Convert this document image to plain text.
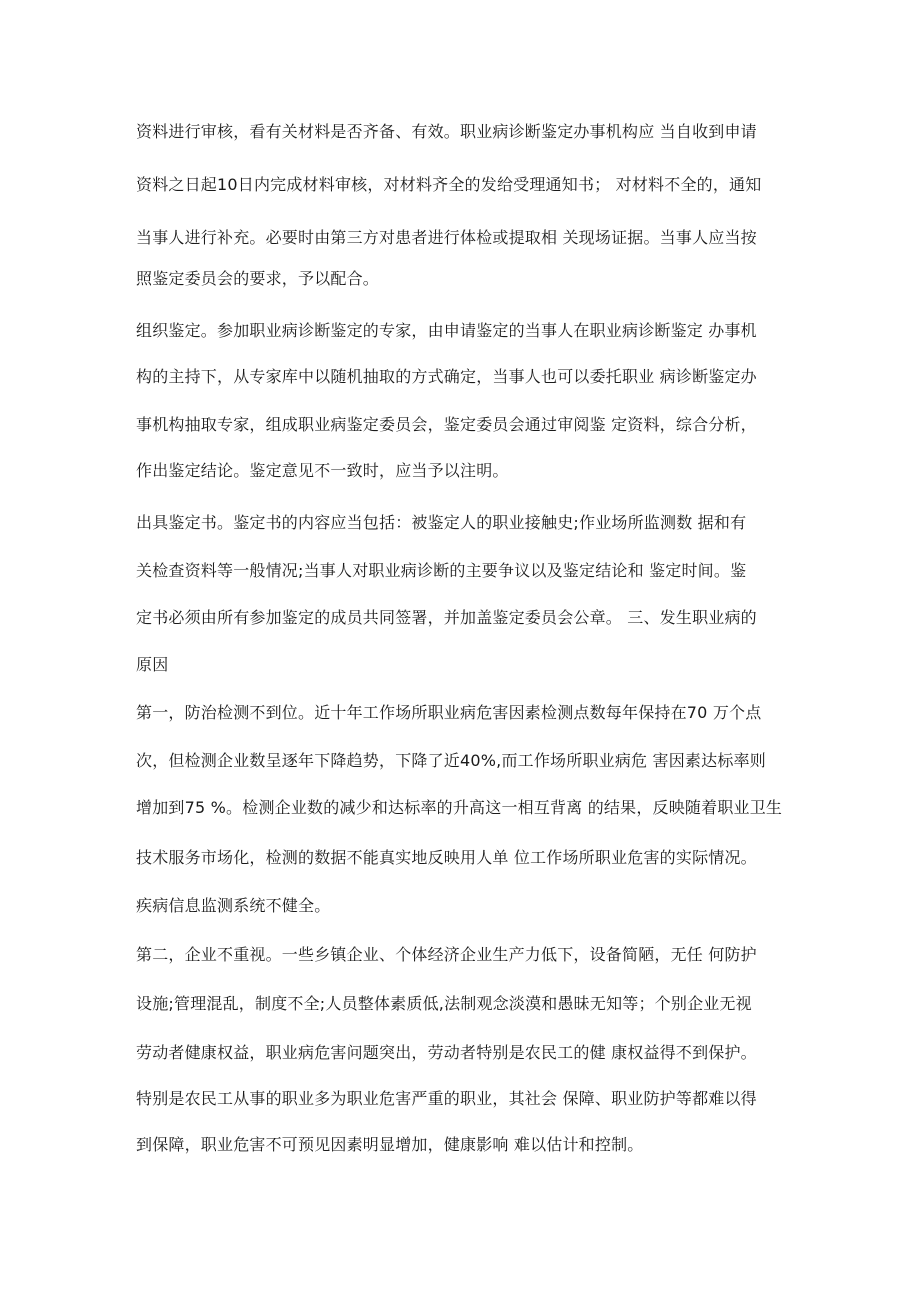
资料进行审核，看有关材料是否齐备、有效。职业病诊断鉴定办事机构应 当自收到申请
资料之日起10日内完成材料审核，对材料齐全的发给受理通知书； 对材料不全的，通知
当事人进行补充。必要时由第三方对患者进行体检或提取相 关现场证据。当事人应当按
照鉴定委员会的要求，予以配合。
组织鉴定。参加职业病诊断鉴定的专家，由申请鉴定的当事人在职业病诊断鉴定 办事机
构的主持下，从专家库中以随机抽取的方式确定，当事人也可以委托职业 病诊断鉴定办
事机构抽取专家，组成职业病鉴定委员会，鉴定委员会通过审阅鉴 定资料，综合分析，
作出鉴定结论。鉴定意见不一致时，应当予以注明。
出具鉴定书。鉴定书的内容应当包括：被鉴定人的职业接触史;作业场所监测数 据和有
关检查资料等一般情况;当事人对职业病诊断的主要争议以及鉴定结论和 鉴定时间。鉴
定书必须由所有参加鉴定的成员共同签署，并加盖鉴定委员会公章。 三、发生职业病的
原因
第一，防治检测不到位。近十年工作场所职业病危害因素检测点数每年保持在70 万个点
次，但检测企业数呈逐年下降趋势，下降了近40%,而工作场所职业病危 害因素达标率则
增加到75 %。检测企业数的减少和达标率的升高这一相互背离 的结果，反映随着职业卫生
技术服务市场化，检测的数据不能真实地反映用人单 位工作场所职业危害的实际情况。
疾病信息监测系统不健全。
第二，企业不重视。一些乡镇企业、个体经济企业生产力低下，设备简陋，无任 何防护
设施;管理混乱，制度不全;人员整体素质低,法制观念淡漠和愚昧无知等；个别企业无视
劳动者健康权益，职业病危害问题突出，劳动者特别是农民工的健 康权益得不到保护。
特别是农民工从事的职业多为职业危害严重的职业，其社会 保障、职业防护等都难以得
到保障，职业危害不可预见因素明显增加，健康影响 难以估计和控制。
